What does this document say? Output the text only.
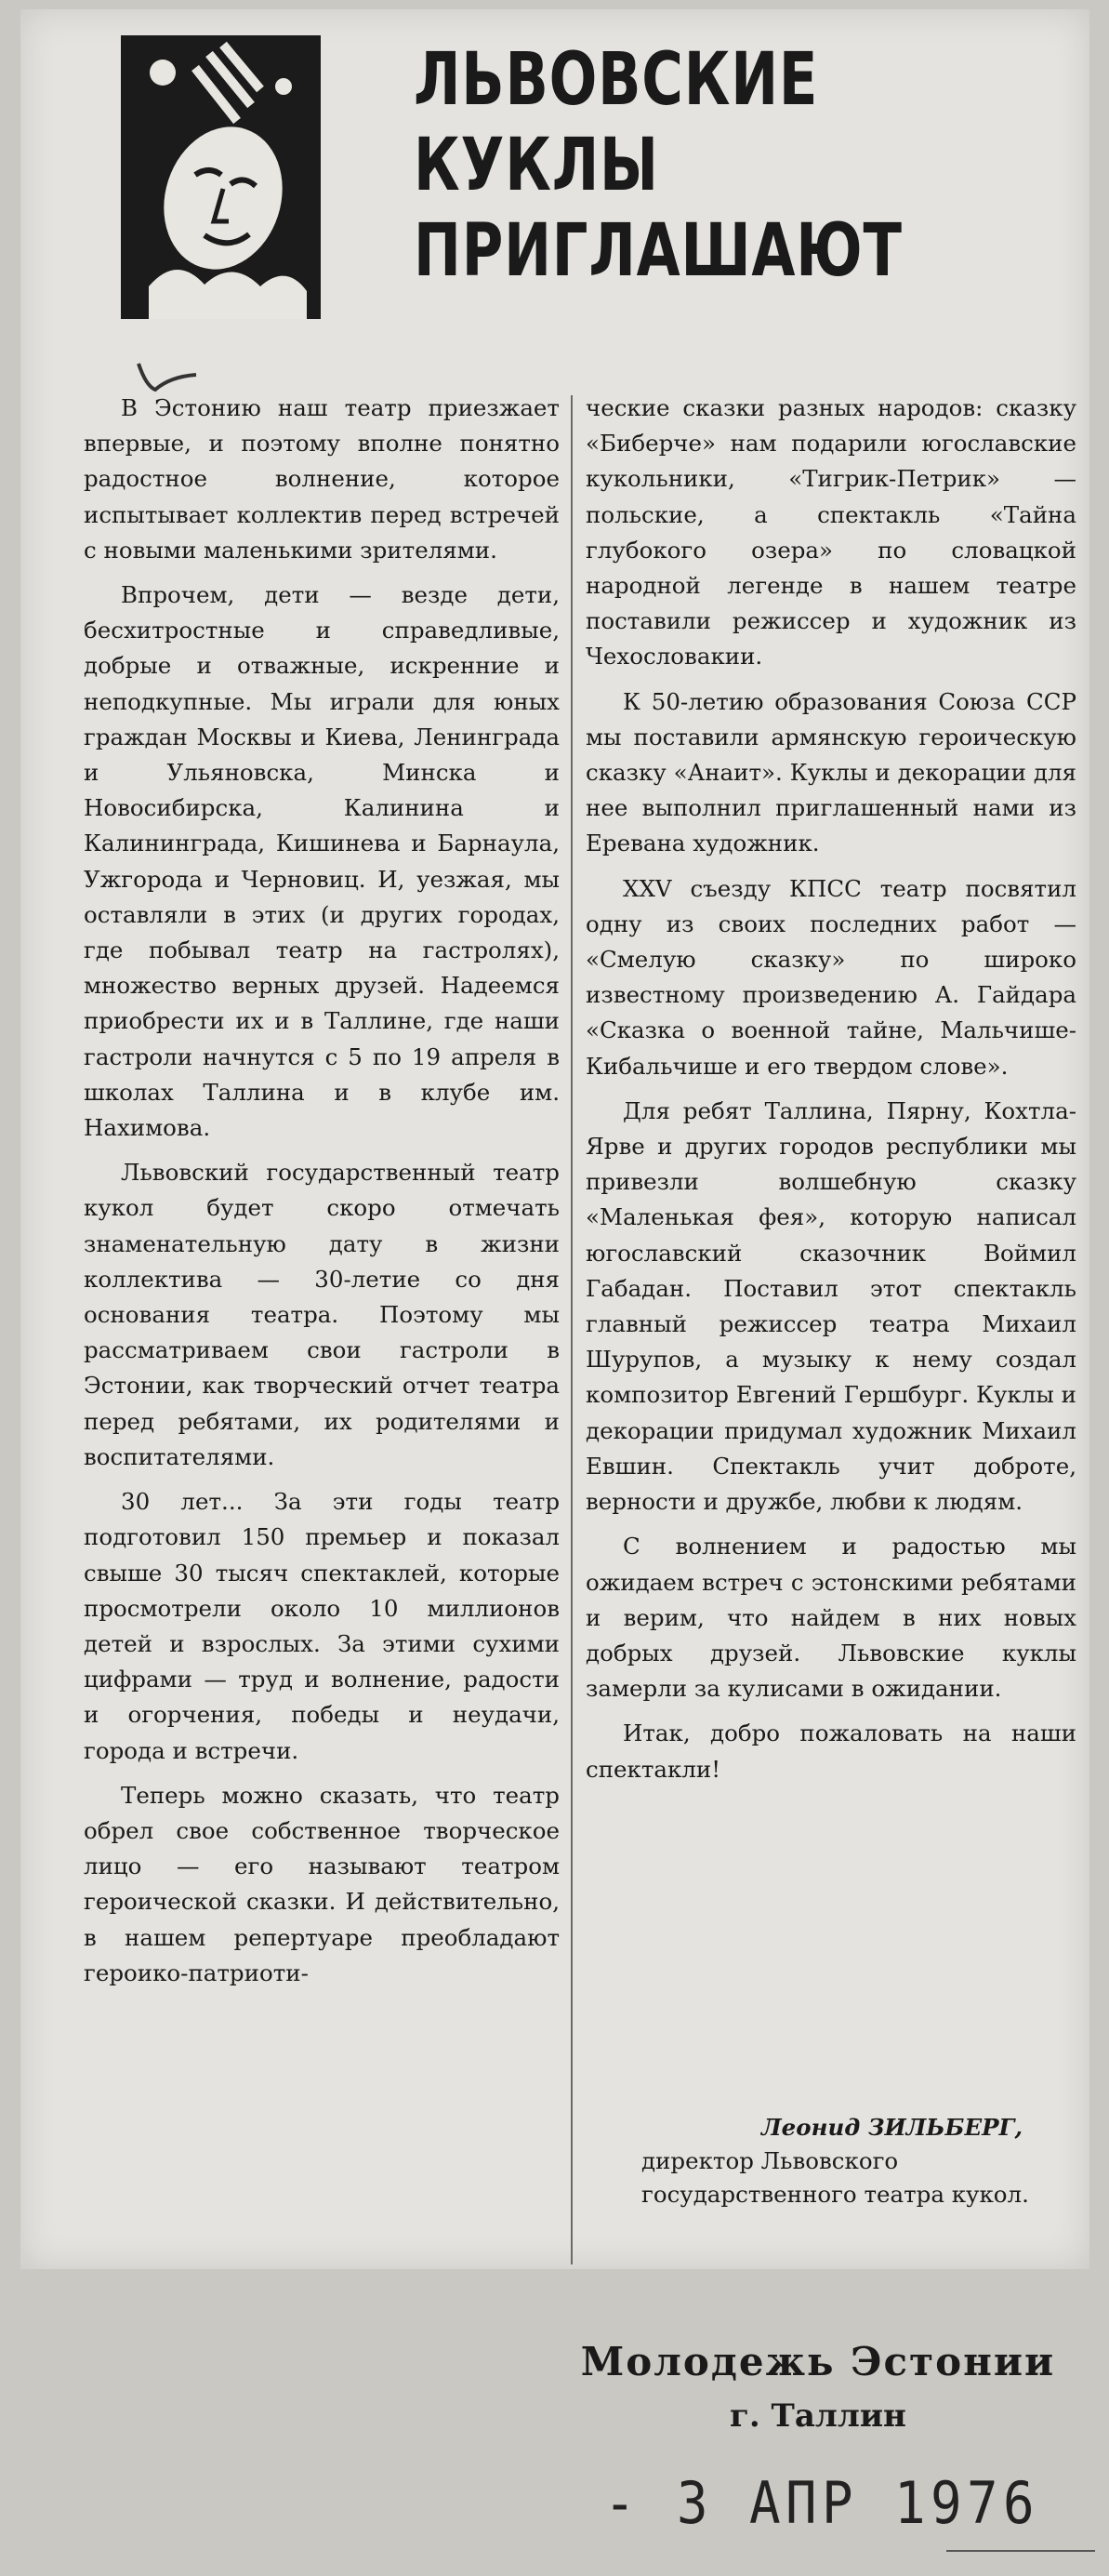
ЛЬВОВСКИЕ
КУКЛЫ
ПРИГЛАШАЮТ

В Эстонию наш театр приезжает впервые, и поэтому вполне понятно радостное волнение, которое испытывает коллектив перед встречей с новыми маленькими зрителями.

Впрочем, дети — везде дети, бесхитростные и справедливые, добрые и отважные, искренние и неподкупные. Мы играли для юных граждан Москвы и Киева, Ленинграда и Ульяновска, Минска и Новосибирска, Калинина и Калининграда, Кишинева и Барнаула, Ужгорода и Черновиц. И, уезжая, мы оставляли в этих (и других городах, где побывал театр на гастролях), множество верных друзей. Надеемся приобрести их и в Таллине, где наши гастроли начнутся с 5 по 19 апреля в школах Таллина и в клубе им. Нахимова.

Львовский государственный театр кукол будет скоро отмечать знаменательную дату в жизни коллектива — 30-летие со дня основания театра. Поэтому мы рассматриваем свои гастроли в Эстонии, как творческий отчет театра перед ребятами, их родителями и воспитателями.

30 лет... За эти годы театр подготовил 150 премьер и показал свыше 30 тысяч спектаклей, которые просмотрели около 10 миллионов детей и взрослых. За этими сухими цифрами — труд и волнение, радости и огорчения, победы и неудачи, города и встречи.

Теперь можно сказать, что театр обрел свое собственное творческое лицо — его называют театром героической сказки. И действительно, в нашем репертуаре преобладают героико-патриоти-

ческие сказки разных народов: сказку «Биберче» нам подарили югославские кукольники, «Тигрик-Петрик» — польские, а спектакль «Тайна глубокого озера» по словацкой народной легенде в нашем театре поставили режиссер и художник из Чехословакии.

К 50-летию образования Союза ССР мы поставили армянскую героическую сказку «Анаит». Куклы и декорации для нее выполнил приглашенный нами из Еревана художник.

XXV съезду КПСС театр посвятил одну из своих последних работ — «Смелую сказку» по широко известному произведению А. Гайдара «Сказка о военной тайне, Мальчише-Кибальчише и его твердом слове».

Для ребят Таллина, Пярну, Кохтла-Ярве и других городов республики мы привезли волшебную сказку «Маленькая фея», которую написал югославский сказочник Воймил Габадан. Поставил этот спектакль главный режиссер театра Михаил Шурупов, а музыку к нему создал композитор Евгений Гершбург. Куклы и декорации придумал художник Михаил Евшин. Спектакль учит доброте, верности и дружбе, любви к людям.

С волнением и радостью мы ожидаем встреч с эстонскими ребятами и верим, что найдем в них новых добрых друзей. Львовские куклы замерли за кулисами в ожидании.

Итак, добро пожаловать на наши спектакли!

Леонид ЗИЛЬБЕРГ,
директор Львовского государственного театра кукол.
Молодежь Эстонии
г. Таллин
- 3 АПР 1976
